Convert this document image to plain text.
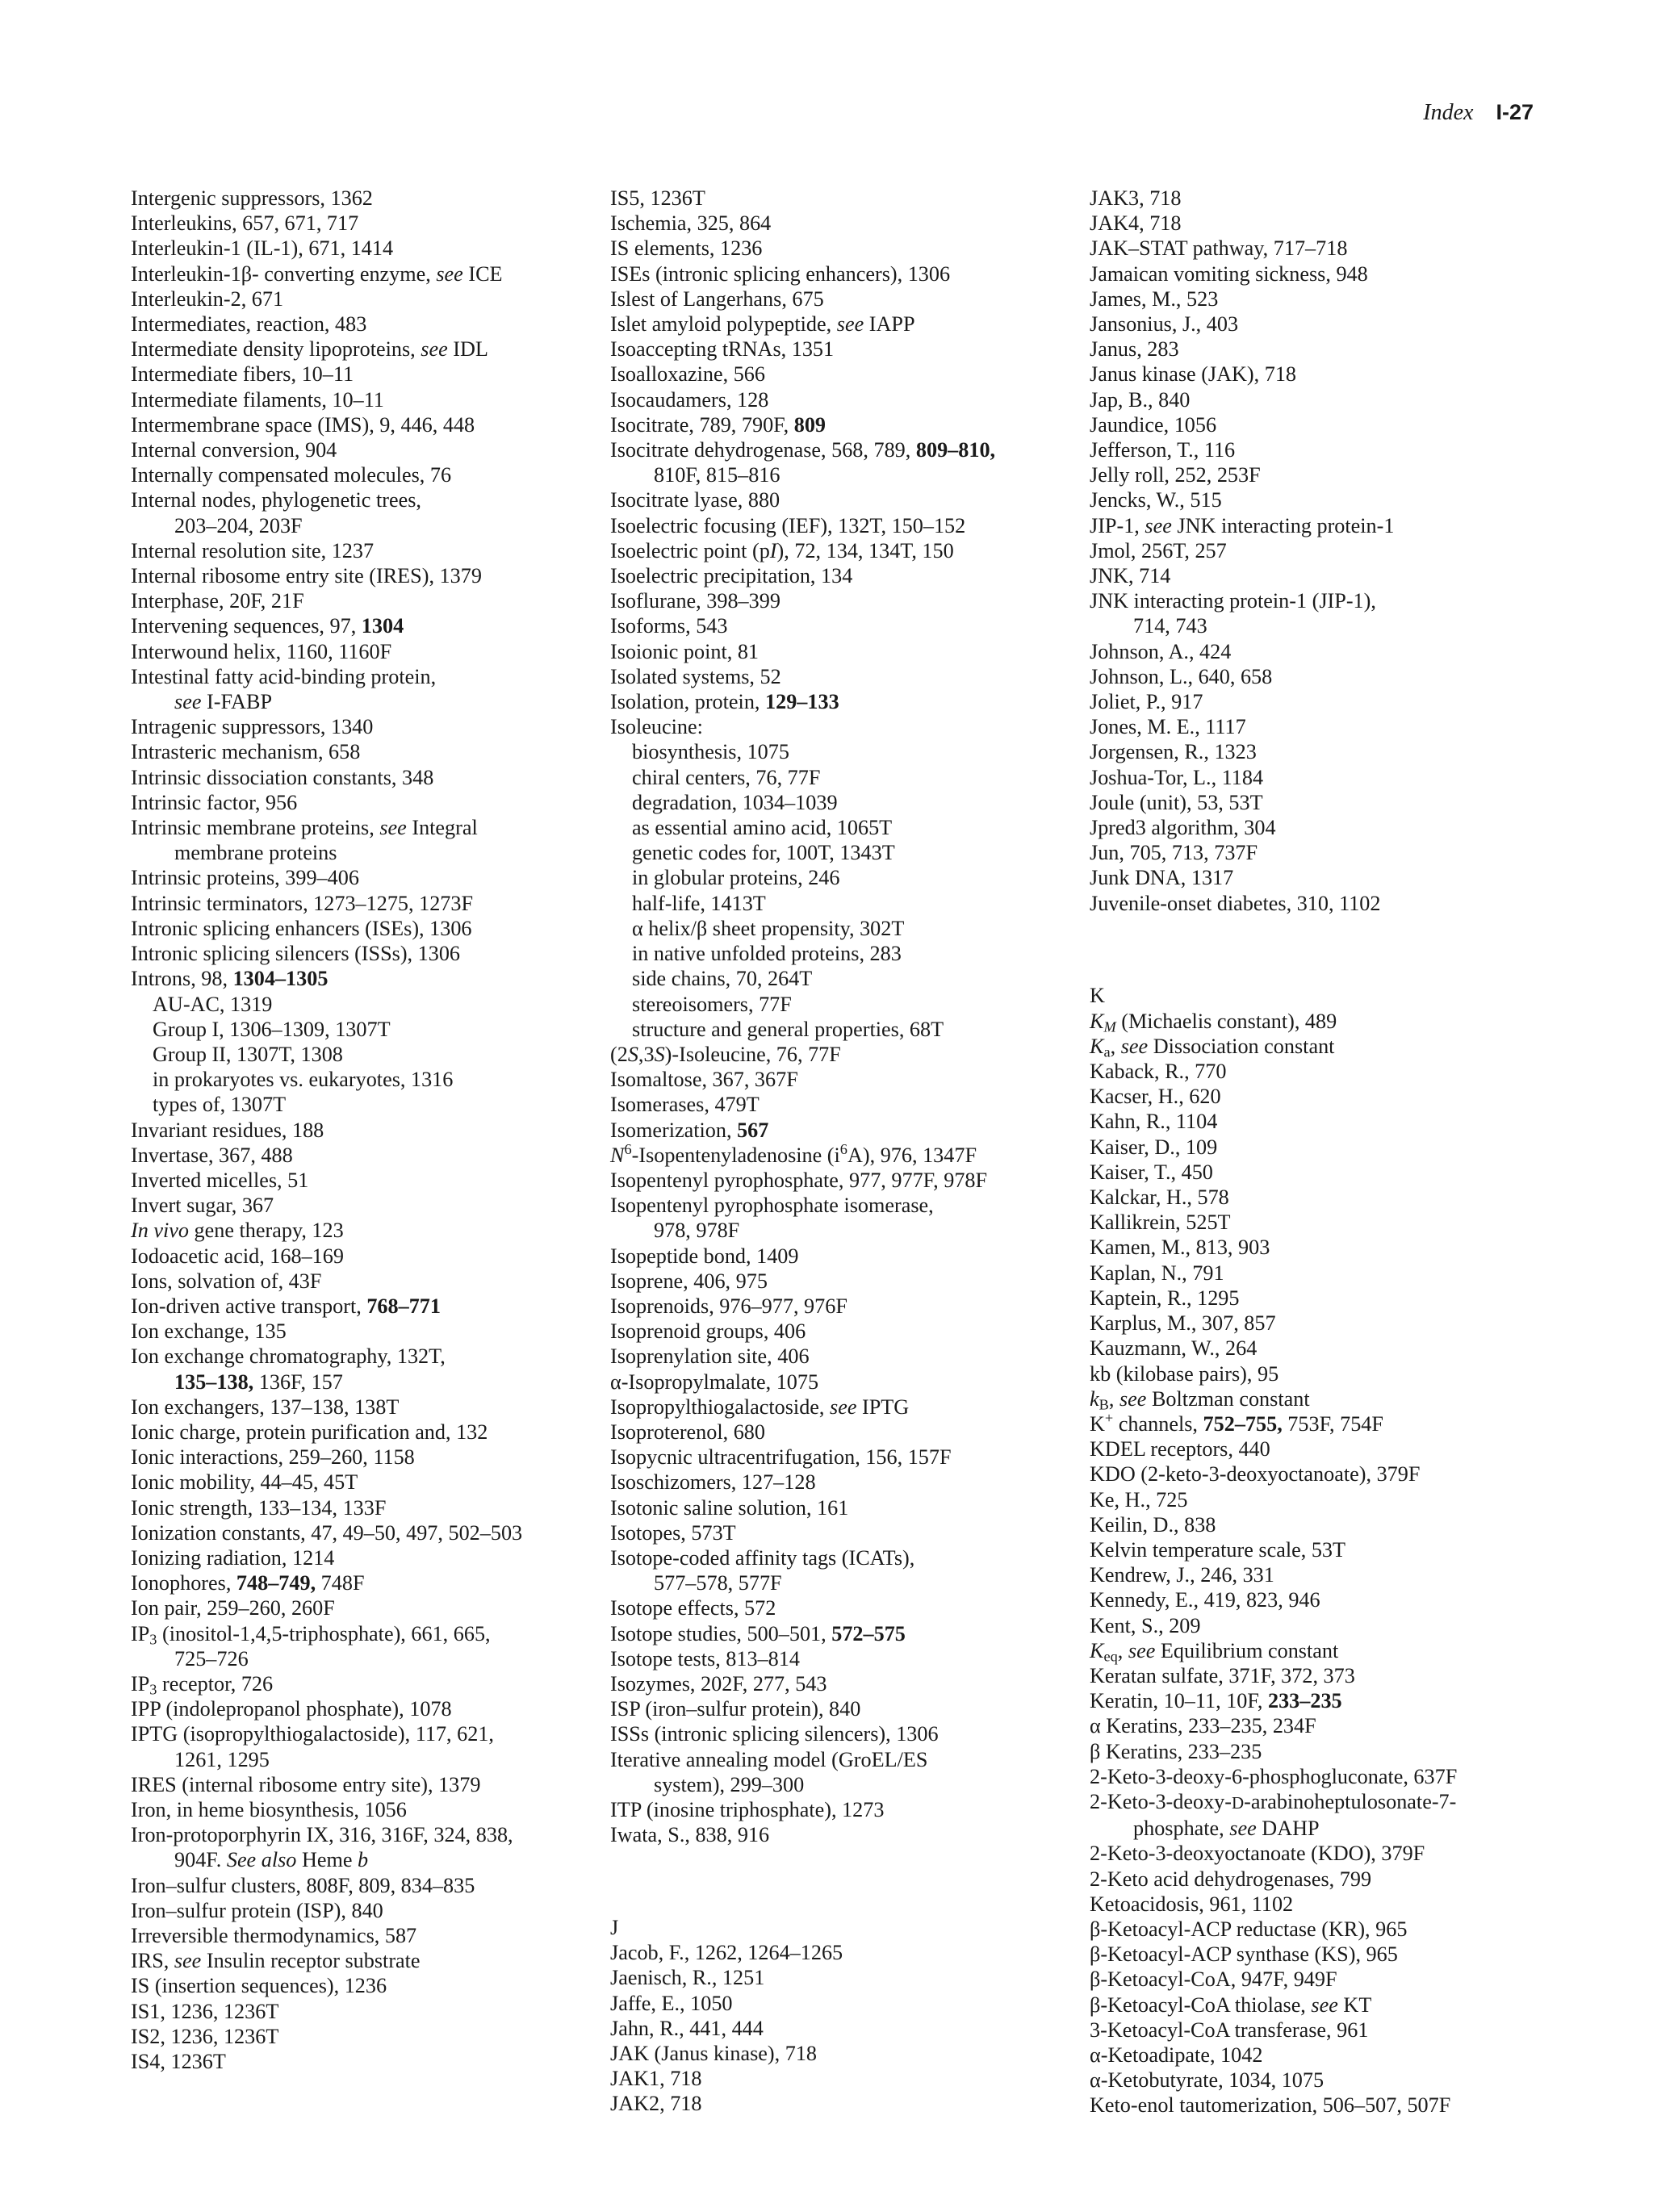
Index I-27

Intergenic suppressors, 1362

Interleukins, 657, 671, 717

Interleukin-1 (IL-1), 671, 1414

Interleukin-1β- converting enzyme, see ICE

Interleukin-2, 671

Intermediates, reaction, 483

Intermediate density lipoproteins, see IDL

Intermediate fibers, 10–11

Intermediate filaments, 10–11

Intermembrane space (IMS), 9, 446, 448

Internal conversion, 904

Internally compensated molecules, 76

Internal nodes, phylogenetic trees,

203–204, 203F

Internal resolution site, 1237

Internal ribosome entry site (IRES), 1379

Interphase, 20F, 21F

Intervening sequences, 97, 1304

Interwound helix, 1160, 1160F

Intestinal fatty acid-binding protein,

see I-FABP

Intragenic suppressors, 1340

Intrasteric mechanism, 658

Intrinsic dissociation constants, 348

Intrinsic factor, 956

Intrinsic membrane proteins, see Integral

membrane proteins

Intrinsic proteins, 399–406

Intrinsic terminators, 1273–1275, 1273F

Intronic splicing enhancers (ISEs), 1306

Intronic splicing silencers (ISSs), 1306

Introns, 98, 1304–1305

AU-AC, 1319

Group I, 1306–1309, 1307T

Group II, 1307T, 1308

in prokaryotes vs. eukaryotes, 1316

types of, 1307T

Invariant residues, 188

Invertase, 367, 488

Inverted micelles, 51

Invert sugar, 367

In vivo gene therapy, 123

Iodoacetic acid, 168–169

Ions, solvation of, 43F

Ion-driven active transport, 768–771

Ion exchange, 135

Ion exchange chromatography, 132T,

135–138, 136F, 157

Ion exchangers, 137–138, 138T

Ionic charge, protein purification and, 132

Ionic interactions, 259–260, 1158

Ionic mobility, 44–45, 45T

Ionic strength, 133–134, 133F

Ionization constants, 47, 49–50, 497, 502–503

Ionizing radiation, 1214

Ionophores, 748–749, 748F

Ion pair, 259–260, 260F

$IP_3$ (inositol-1,4,5-triphosphate), 661, 665,

725–726

$IP_3$ receptor, 726

IPP (indolepropanol phosphate), 1078

IPTG (isopropylthiogalactoside), 117, 621,

1261, 1295

IRES (internal ribosome entry site), 1379

Iron, in heme biosynthesis, 1056

Iron-protoporphyrin IX, 316, 316F, 324, 838,

904F. See also Heme b

Iron–sulfur clusters, 808F, 809, 834–835

Iron–sulfur protein (ISP), 840

Irreversible thermodynamics, 587

IRS, see Insulin receptor substrate

IS (insertion sequences), 1236

IS1, 1236, 1236T

IS2, 1236, 1236T

IS4, 1236T

IS5, 1236T

Ischemia, 325, 864

IS elements, 1236

ISEs (intronic splicing enhancers), 1306

Islest of Langerhans, 675

Islet amyloid polypeptide, see IAPP

Isoaccepting tRNAs, 1351

Isoalloxazine, 566

Isocaudamers, 128

Isocitrate, 789, 790F, 809

Isocitrate dehydrogenase, 568, 789, 809–810,

810F, 815–816

Isocitrate lyase, 880

Isoelectric focusing (IEF), 132T, 150–152

Isoelectric point (pI), 72, 134, 134T, 150

Isoelectric precipitation, 134

Isoflurane, 398–399

Isoforms, 543

Isoionic point, 81

Isolated systems, 52

Isolation, protein, 129–133

Isoleucine:

biosynthesis, 1075

chiral centers, 76, 77F

degradation, 1034–1039

as essential amino acid, 1065T

genetic codes for, 100T, 1343T

in globular proteins, 246

half-life, 1413T

α helix/β sheet propensity, 302T

in native unfolded proteins, 283

side chains, 70, 264T

stereoisomers, 77F

structure and general properties, 68T

(2S,3S)-Isoleucine, 76, 77F

Isomaltose, 367, 367F

Isomerases, 479T

Isomerization, 567

$N^6$-Isopentenyladenosine $(i^6A)$, 976, 1347F

Isopentenyl pyrophosphate, 977, 977F, 978F

Isopentenyl pyrophosphate isomerase,

978, 978F

Isopeptide bond, 1409

Isoprene, 406, 975

Isoprenoids, 976–977, 976F

Isoprenoid groups, 406

Isoprenylation site, 406

α-Isopropylmalate, 1075

Isopropylthiogalactoside, see IPTG

Isoproterenol, 680

Isopycnic ultracentrifugation, 156, 157F

Isoschizomers, 127–128

Isotonic saline solution, 161

Isotopes, 573T

Isotope-coded affinity tags (ICATs),

577–578, 577F

Isotope effects, 572

Isotope studies, 500–501, 572–575

Isotope tests, 813–814

Isozymes, 202F, 277, 543

ISP (iron–sulfur protein), 840

ISSs (intronic splicing silencers), 1306

Iterative annealing model (GroEL/ES

system), 299–300

ITP (inosine triphosphate), 1273

Iwata, S., 838, 916

J

Jacob, F., 1262, 1264–1265

Jaenisch, R., 1251

Jaffe, E., 1050

Jahn, R., 441, 444

JAK (Janus kinase), 718

JAK1, 718

JAK2, 718

JAK3, 718

JAK4, 718

JAK–STAT pathway, 717–718

Jamaican vomiting sickness, 948

James, M., 523

Jansonius, J., 403

Janus, 283

Janus kinase (JAK), 718

Jap, B., 840

Jaundice, 1056

Jefferson, T., 116

Jelly roll, 252, 253F

Jencks, W., 515

JIP-1, see JNK interacting protein-1

Jmol, 256T, 257

JNK, 714

JNK interacting protein-1 (JIP-1),

714, 743

Johnson, A., 424

Johnson, L., 640, 658

Joliet, P., 917

Jones, M. E., 1117

Jorgensen, R., 1323

Joshua-Tor, L., 1184

Joule (unit), 53, 53T

Jpred3 algorithm, 304

Jun, 705, 713, 737F

Junk DNA, 1317

Juvenile-onset diabetes, 310, 1102

K

$K_M$ (Michaelis constant), 489

$K_a$, see Dissociation constant

Kaback, R., 770

Kacser, H., 620

Kahn, R., 1104

Kaiser, D., 109

Kaiser, T., 450

Kalckar, H., 578

Kallikrein, 525T

Kamen, M., 813, 903

Kaplan, N., 791

Kaptein, R., 1295

Karplus, M., 307, 857

Kauzmann, W., 264

kb (kilobase pairs), 95

$k_B$, see Boltzman constant

K+ channels, 752–755, 753F, 754F

KDEL receptors, 440

KDO (2-keto-3-deoxyoctanoate), 379F

Ke, H., 725

Keilin, D., 838

Kelvin temperature scale, 53T

Kendrew, J., 246, 331

Kennedy, E., 419, 823, 946

Kent, S., 209

$K_{eq}$, see Equilibrium constant

Keratan sulfate, 371F, 372, 373

Keratin, 10–11, 10F, 233–235

α Keratins, 233–235, 234F

β Keratins, 233–235

2-Keto-3-deoxy-6-phosphogluconate, 637F

2-Keto-3-deoxy-D-arabinoheptulosonate-7-

phosphate, see DAHP

2-Keto-3-deoxyoctanoate (KDO), 379F

2-Keto acid dehydrogenases, 799

Ketoacidosis, 961, 1102

β-Ketoacyl-ACP reductase (KR), 965

β-Ketoacyl-ACP synthase (KS), 965

β-Ketoacyl-CoA, 947F, 949F

β-Ketoacyl-CoA thiolase, see KT

3-Ketoacyl-CoA transferase, 961

α-Ketoadipate, 1042

α-Ketobutyrate, 1034, 1075

Keto-enol tautomerization, 506–507, 507F
